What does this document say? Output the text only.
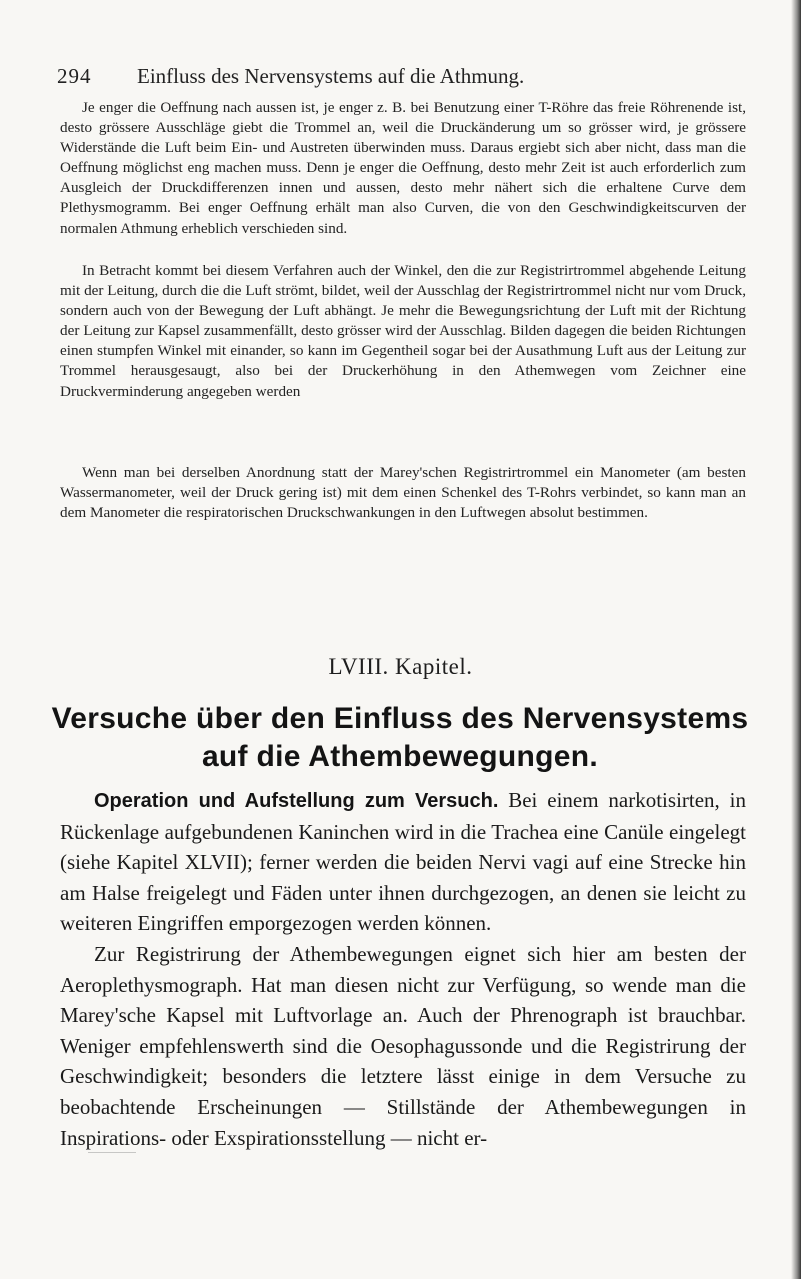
294 Einfluss des Nervensystems auf die Athmung.

Je enger die Oeffnung nach aussen ist, je enger z. B. bei Benutzung einer T-Röhre das freie Röhrenende ist, desto grössere Ausschläge giebt die Trommel an, weil die Druckänderung um so grösser wird, je grössere Widerstände die Luft beim Ein- und Austreten überwinden muss. Daraus ergiebt sich aber nicht, dass man die Oeffnung möglichst eng machen muss. Denn je enger die Oeffnung, desto mehr Zeit ist auch erforderlich zum Ausgleich der Druckdifferenzen innen und aussen, desto mehr nähert sich die erhaltene Curve dem Plethysmogramm. Bei enger Oeffnung erhält man also Curven, die von den Geschwindigkeitscurven der normalen Athmung erheblich verschieden sind.

In Betracht kommt bei diesem Verfahren auch der Winkel, den die zur Registrirtrommel abgehende Leitung mit der Leitung, durch die die Luft strömt, bildet, weil der Ausschlag der Registrirtrommel nicht nur vom Druck, sondern auch von der Bewegung der Luft abhängt. Je mehr die Bewegungsrichtung der Luft mit der Richtung der Leitung zur Kapsel zusammenfällt, desto grösser wird der Ausschlag. Bilden dagegen die beiden Richtungen einen stumpfen Winkel mit einander, so kann im Gegentheil sogar bei der Ausathmung Luft aus der Leitung zur Trommel herausgesaugt, also bei der Druckerhöhung in den Athemwegen vom Zeichner eine Druckverminderung angegeben werden

Wenn man bei derselben Anordnung statt der Marey'schen Registrirtrommel ein Manometer (am besten Wassermanometer, weil der Druck gering ist) mit dem einen Schenkel des T-Rohrs verbindet, so kann man an dem Manometer die respiratorischen Druckschwankungen in den Luftwegen absolut bestimmen.

LVIII. Kapitel.
Versuche über den Einfluss des Nervensystems auf die Athembewegungen.

Operation und Aufstellung zum Versuch. Bei einem narkotisirten, in Rückenlage aufgebundenen Kaninchen wird in die Trachea eine Canüle eingelegt (siehe Kapitel XLVII); ferner werden die beiden Nervi vagi auf eine Strecke hin am Halse freigelegt und Fäden unter ihnen durchgezogen, an denen sie leicht zu weiteren Eingriffen emporgezogen werden können.

Zur Registrirung der Athembewegungen eignet sich hier am besten der Aeroplethysmograph. Hat man diesen nicht zur Verfügung, so wende man die Marey'sche Kapsel mit Luftvorlage an. Auch der Phrenograph ist brauchbar. Weniger empfehlenswerth sind die Oesophagussonde und die Registrirung der Geschwindigkeit; besonders die letztere lässt einige in dem Versuche zu beobachtende Erscheinungen — Stillstände der Athembewegungen in Inspirations- oder Exspirationsstellung — nicht er-
